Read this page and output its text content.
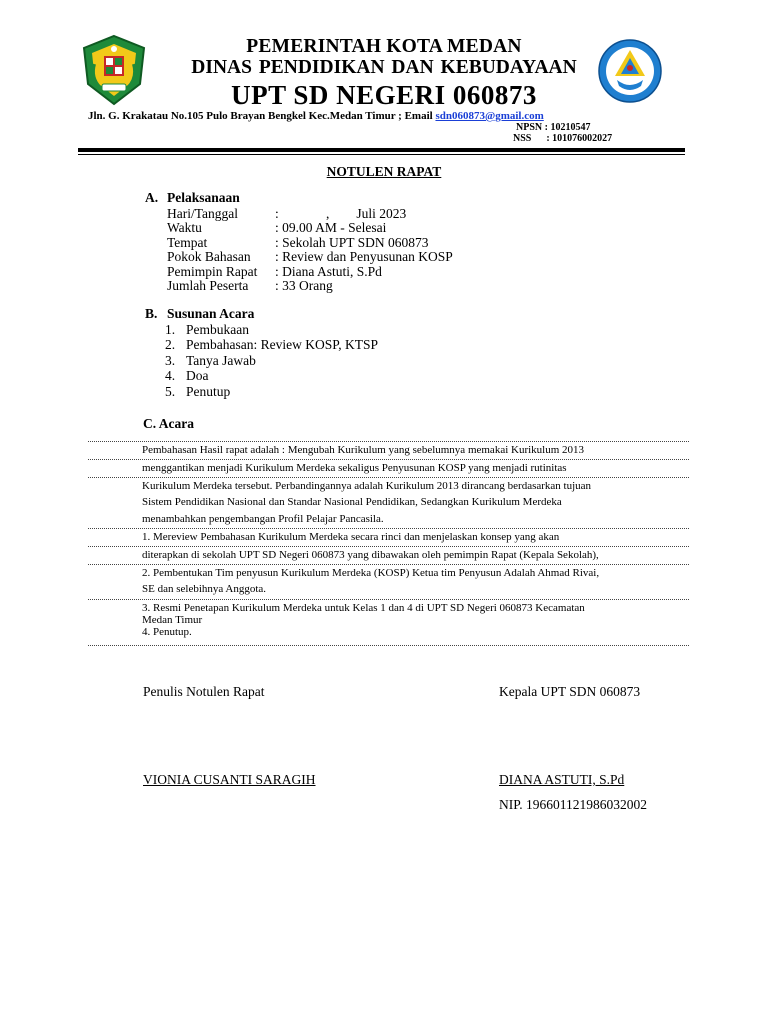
PEMERINTAH KOTA MEDAN
DINAS PENDIDIKAN DAN KEBUDAYAAN
UPT SD NEGERI 060873
Jln. G. Krakatau No.105 Pulo Brayan Bengkel Kec.Medan Timur ; Email sdn060873@gmail.com
NPSN : 10210547
NSS      : 101076002027
NOTULEN RAPAT
A. Pelaksanaan
Hari/Tanggal	:              ,        Juli 2023
Waktu	: 09.00 AM - Selesai
Tempat	: Sekolah UPT SDN 060873
Pokok Bahasan : Review dan Penyusunan KOSP
Pemimpin Rapat : Diana Astuti, S.Pd
Jumlah Peserta : 33 Orang
B. Susunan Acara
1. Pembukaan
2. Pembahasan: Review KOSP, KTSP
3. Tanya Jawab
4. Doa
5. Penutup
C. Acara
Pembahasan Hasil rapat adalah : Mengubah Kurikulum yang sebelumnya memakai Kurikulum 2013
menggantikan menjadi Kurikulum Merdeka sekaligus Penyusunan KOSP yang menjadi rutinitas
Kurikulum Merdeka tersebut. Perbandingannya adalah Kurikulum 2013 dirancang berdasarkan tujuan
Sistem Pendidikan Nasional dan Standar Nasional Pendidikan, Sedangkan Kurikulum Merdeka
menambahkan pengembangan Profil Pelajar Pancasila.
1. Mereview Pembahasan Kurikulum Merdeka secara rinci dan menjelaskan konsep yang akan
diterapkan di sekolah UPT SD Negeri 060873 yang dibawakan oleh pemimpin Rapat (Kepala Sekolah),
2. Pembentukan Tim penyusun Kurikulum Merdeka (KOSP) Ketua tim Penyusun Adalah Ahmad Rivai,
SE dan selebihnya Anggota.
3. Resmi Penetapan Kurikulum Merdeka untuk Kelas 1 dan 4 di UPT SD Negeri 060873 Kecamatan
Medan Timur
4. Penutup.
Penulis Notulen Rapat	Kepala UPT SDN 060873
VIONIA CUSANTI SARAGIH	DIANA ASTUTI, S.Pd
NIP. 196601121986032002
